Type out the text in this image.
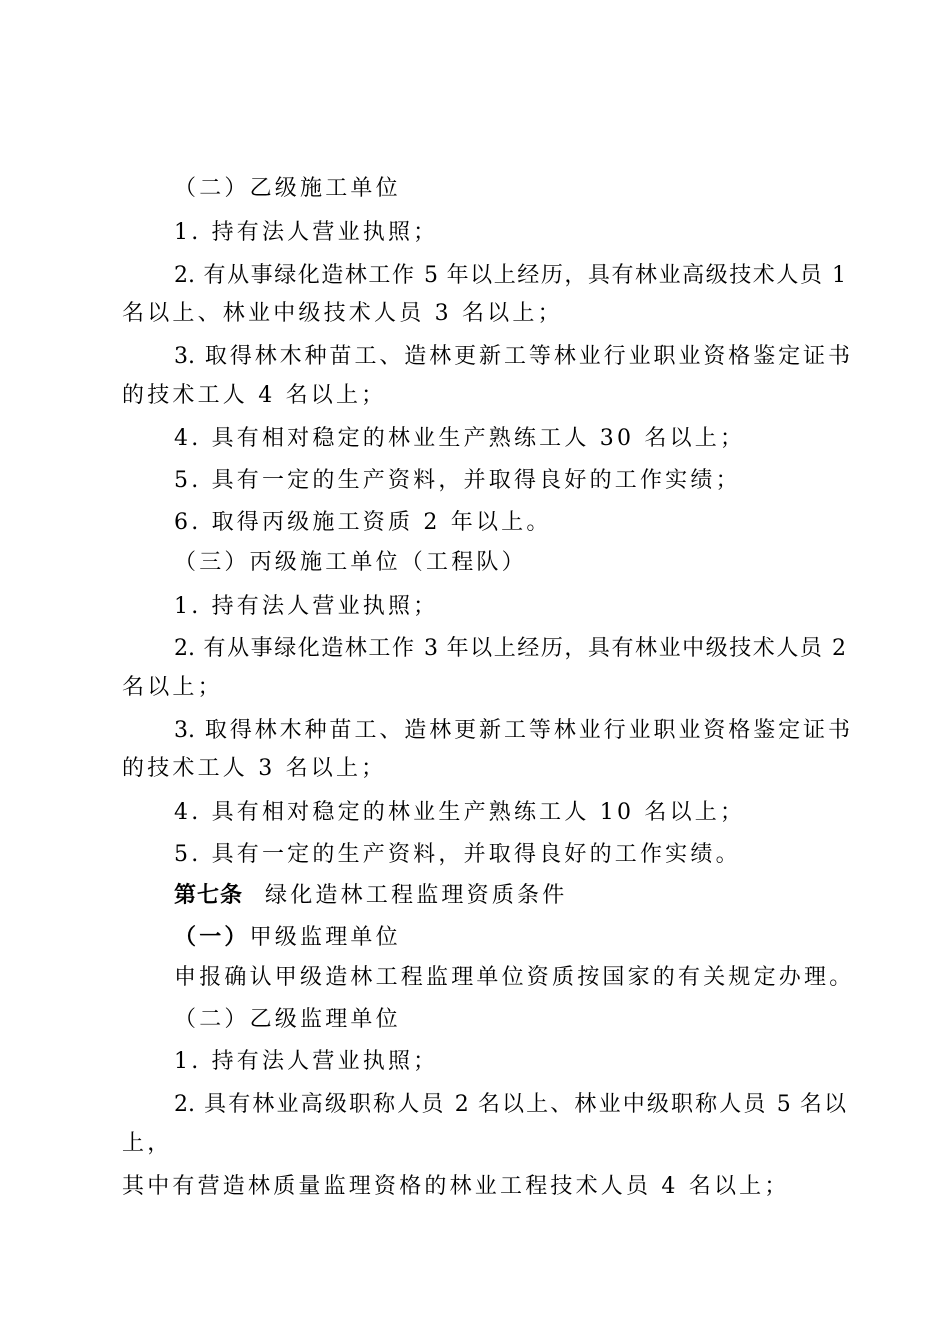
（二）乙级施工单位
1. 持有法人营业执照；
2. 有从事绿化造林工作 5 年以上经历，具有林业高级技术人员 1
名以上、林业中级技术人员 3 名以上；
3. 取得林木种苗工、造林更新工等林业行业职业资格鉴定证书
的技术工人 4 名以上；
4. 具有相对稳定的林业生产熟练工人 30 名以上；
5. 具有一定的生产资料，并取得良好的工作实绩；
6. 取得丙级施工资质 2 年以上。
（三）丙级施工单位（工程队）
1. 持有法人营业执照；
2. 有从事绿化造林工作 3 年以上经历，具有林业中级技术人员 2
名以上；
3. 取得林木种苗工、造林更新工等林业行业职业资格鉴定证书
的技术工人 3 名以上；
4. 具有相对稳定的林业生产熟练工人 10 名以上；
5. 具有一定的生产资料，并取得良好的工作实绩。
第七条 绿化造林工程监理资质条件
（一）甲级监理单位
申报确认甲级造林工程监理单位资质按国家的有关规定办理。
（二）乙级监理单位
1. 持有法人营业执照；
2. 具有林业高级职称人员 2 名以上、林业中级职称人员 5 名以
上，
其中有营造林质量监理资格的林业工程技术人员 4 名以上；
